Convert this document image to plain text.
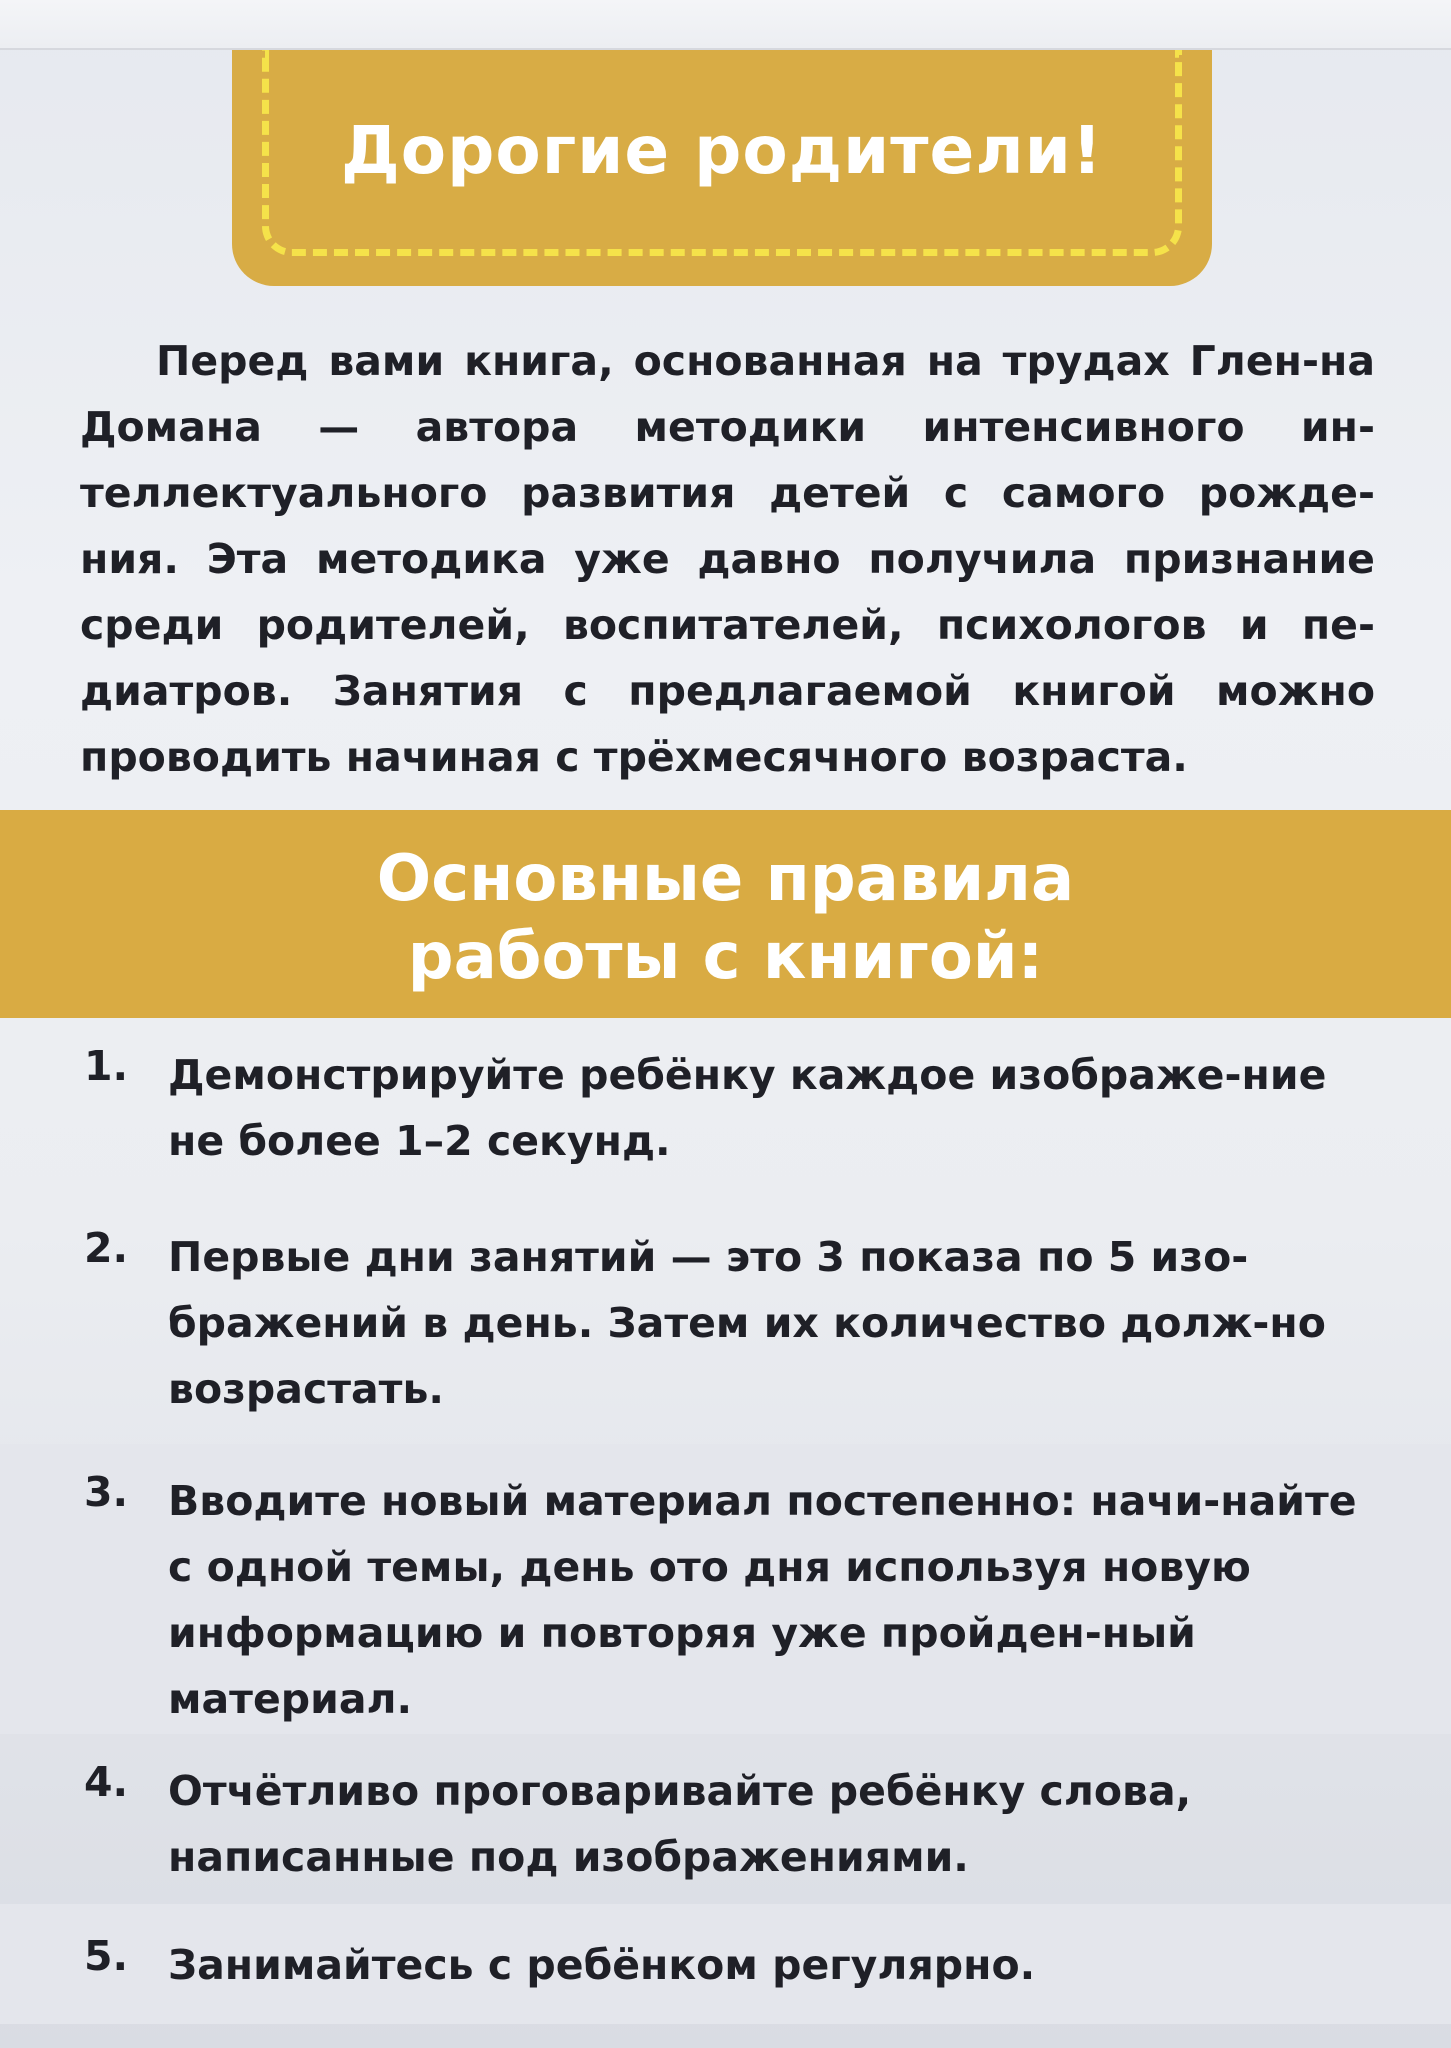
Дорогие родители!

Перед вами книга, основанная на трудах Глен-на Домана — автора методики интенсивного ин-теллектуального развития детей с самого рожде-ния. Эта методика уже давно получила признание среди родителей, воспитателей, психологов и пе-диатров. Занятия с предлагаемой книгой можно проводить начиная с трёхмесячного возраста.

Основные правила
работы с книгой:
1. Демонстрируйте ребёнку каждое изображе-ние не более 1–2 секунд.
2. Первые дни занятий — это 3 показа по 5 изо-бражений в день. Затем их количество долж-но возрастать.
3. Вводите новый материал постепенно: начи-найте с одной темы, день ото дня используя новую информацию и повторяя уже пройден-ный материал.
4. Отчётливо проговаривайте ребёнку слова, написанные под изображениями.
5. Занимайтесь с ребёнком регулярно.
